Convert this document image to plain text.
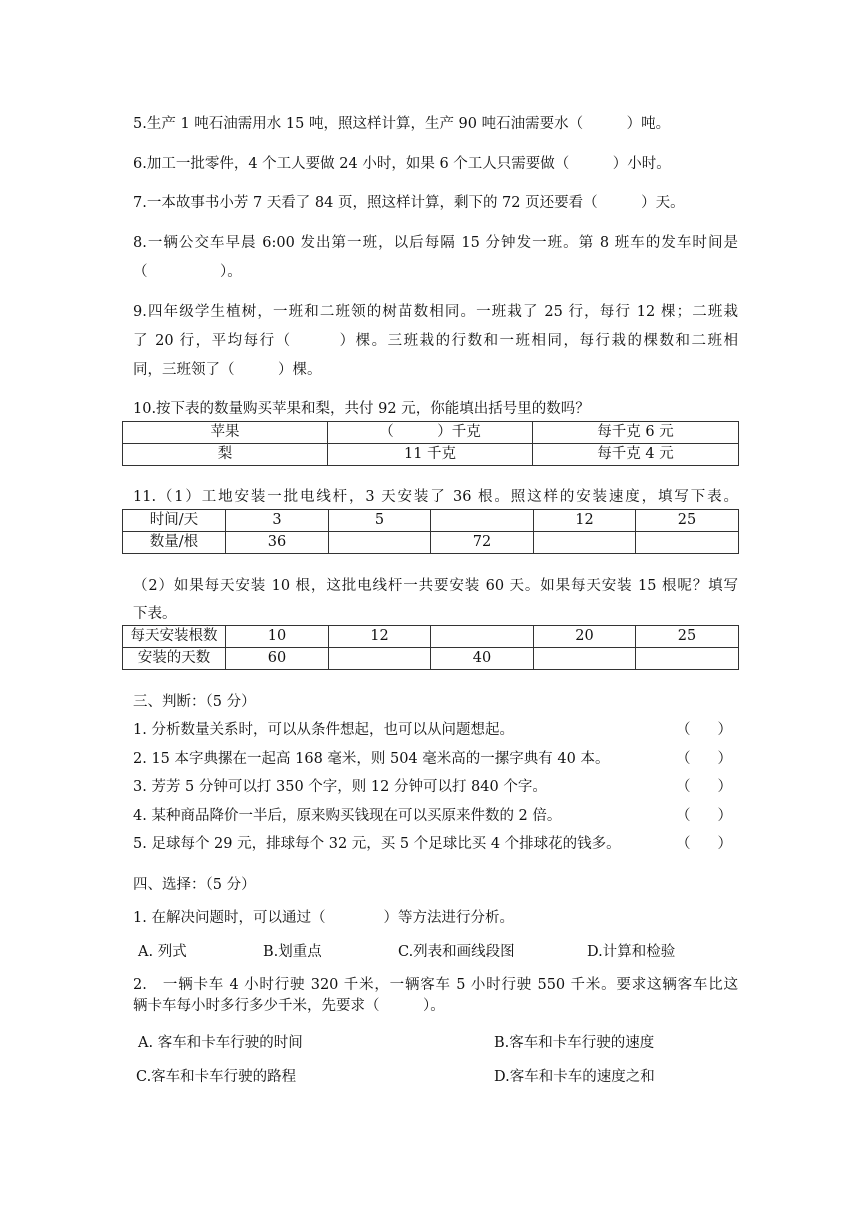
5.生产 1 吨石油需用水 15 吨，照这样计算，生产 90 吨石油需要水（　　　）吨。
6.加工一批零件，4 个工人要做 24 小时，如果 6 个工人只需要做（　　　）小时。
7.一本故事书小芳 7 天看了 84 页，照这样计算，剩下的 72 页还要看（　　　）天。
8.一辆公交车早晨 6:00 发出第一班，以后每隔 15 分钟发一班。第 8 班车的发车时间是
（　　　　　）。
9.四年级学生植树，一班和二班领的树苗数相同。一班栽了 25 行，每行 12 棵；二班栽
了 20 行，平均每行（　　　）棵。三班栽的行数和一班相同，每行栽的棵数和二班相
同，三班领了（　　　）棵。
10.按下表的数量购买苹果和梨，共付 92 元，你能填出括号里的数吗？
苹果	（　　　）千克	每千克 6 元
梨	11 千克	每千克 4 元
11.（1）工地安装一批电线杆，3 天安装了 36 根。照这样的安装速度，填写下表。
时间/天	3	5		12	25
数量/根	36		72		
（2）如果每天安装 10 根，这批电线杆一共要安装 60 天。如果每天安装 15 根呢？填写
下表。
每天安装根数	10	12		20	25
安装的天数	60		40		
三、判断：（5 分）
1. 分析数量关系时，可以从条件想起，也可以从问题想起。	（ ）
2. 15 本字典摞在一起高 168 毫米，则 504 毫米高的一摞字典有 40 本。	（ ）
3. 芳芳 5 分钟可以打 350 个字，则 12 分钟可以打 840 个字。	（ ）
4. 某种商品降价一半后，原来购买钱现在可以买原来件数的 2 倍。	（ ）
5. 足球每个 29 元，排球每个 32 元，买 5 个足球比买 4 个排球花的钱多。	（ ）
四、选择：（5 分）
1. 在解决问题时，可以通过（　　　　）等方法进行分析。
A. 列式	B.划重点	C.列表和画线段图	D.计算和检验
2.　一辆卡车 4 小时行驶 320 千米，一辆客车 5 小时行驶 550 千米。要求这辆客车比这
辆卡车每小时多行多少千米，先要求（　　　）。
A. 客车和卡车行驶的时间	B.客车和卡车行驶的速度
C.客车和卡车行驶的路程	D.客车和卡车的速度之和
